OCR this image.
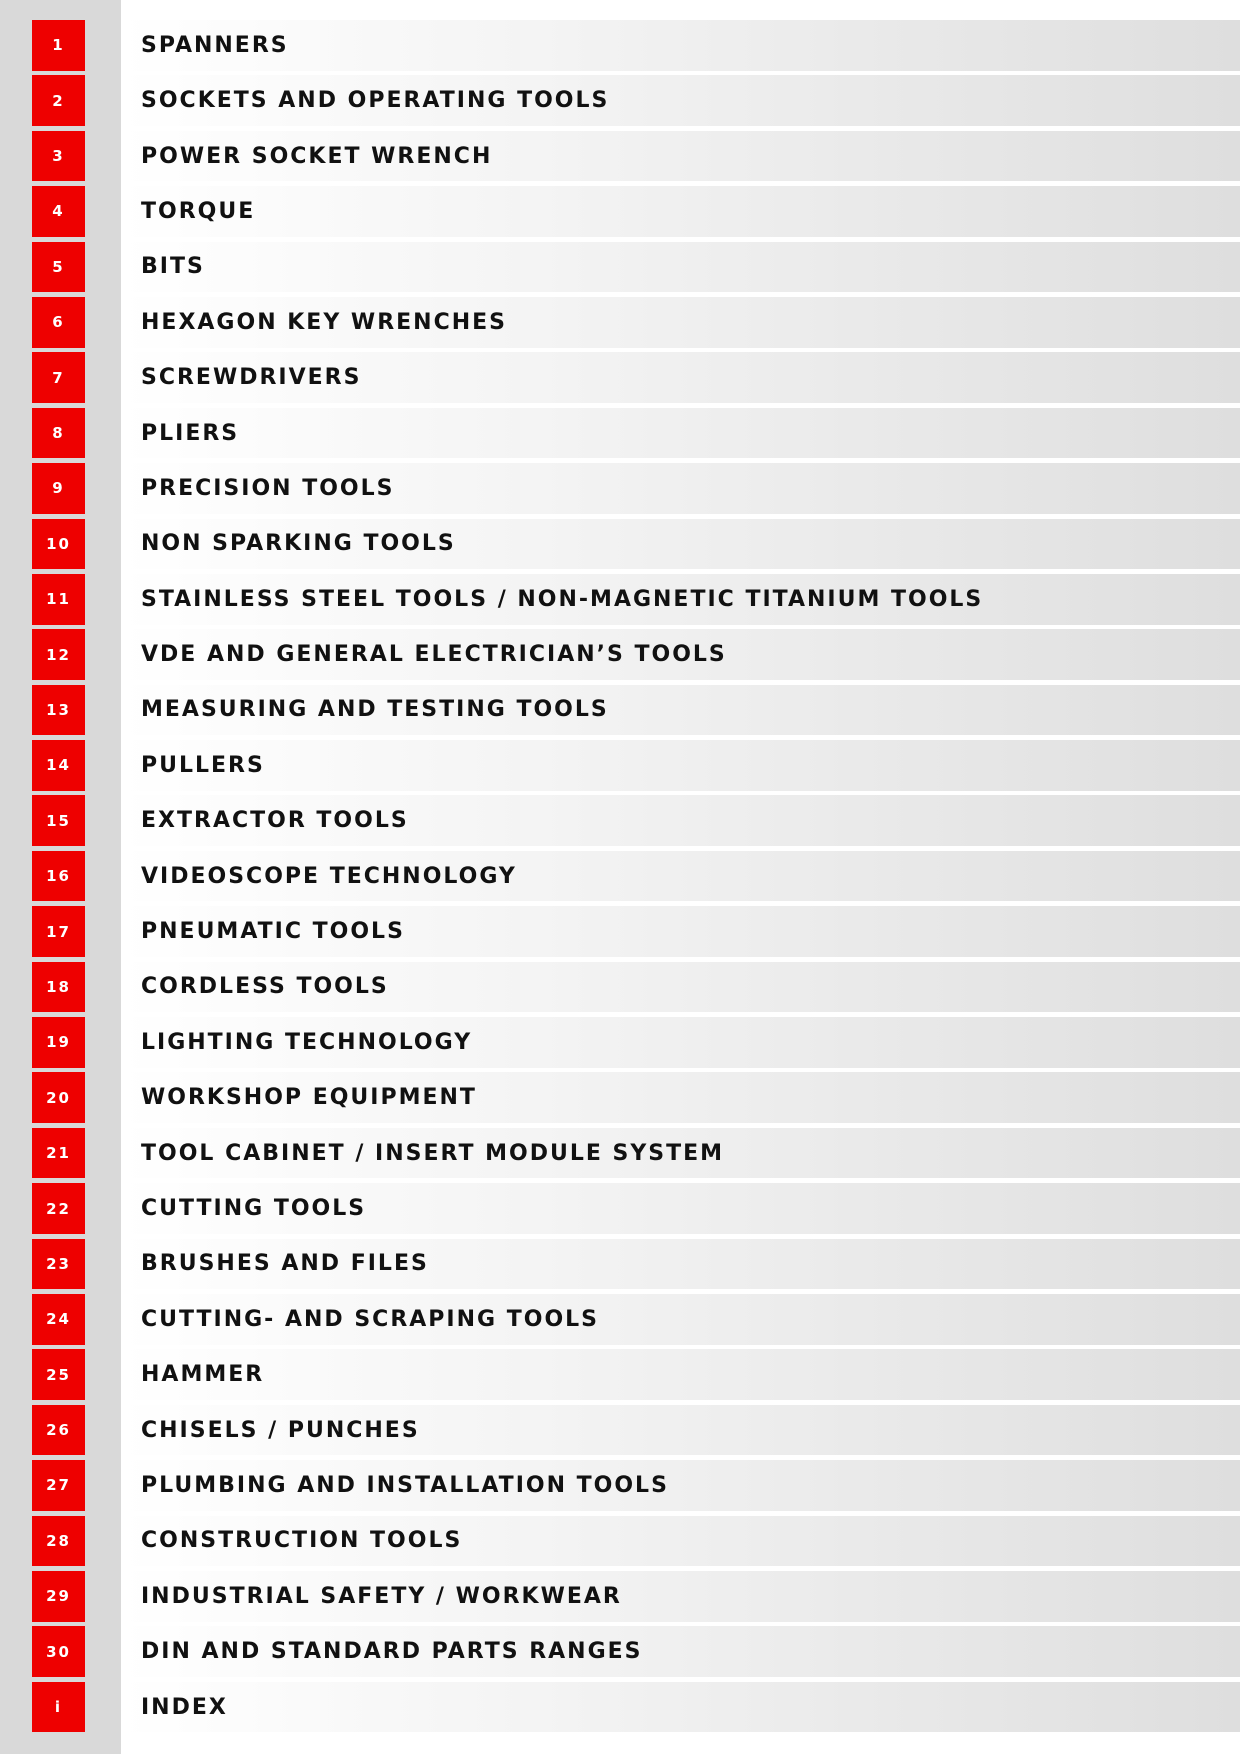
1	SPANNERS
2	SOCKETS AND OPERATING TOOLS
3	POWER SOCKET WRENCH
4	TORQUE
5	BITS
6	HEXAGON KEY WRENCHES
7	SCREWDRIVERS
8	PLIERS
9	PRECISION TOOLS
10	NON SPARKING TOOLS
11	STAINLESS STEEL TOOLS / NON-MAGNETIC TITANIUM TOOLS
12	VDE AND GENERAL ELECTRICIAN’S TOOLS
13	MEASURING AND TESTING TOOLS
14	PULLERS
15	EXTRACTOR TOOLS
16	VIDEOSCOPE TECHNOLOGY
17	PNEUMATIC TOOLS
18	CORDLESS TOOLS
19	LIGHTING TECHNOLOGY
20	WORKSHOP EQUIPMENT
21	TOOL CABINET / INSERT MODULE SYSTEM
22	CUTTING TOOLS
23	BRUSHES AND FILES
24	CUTTING- AND SCRAPING TOOLS
25	HAMMER
26	CHISELS / PUNCHES
27	PLUMBING AND INSTALLATION TOOLS
28	CONSTRUCTION TOOLS
29	INDUSTRIAL SAFETY / WORKWEAR
30	DIN AND STANDARD PARTS RANGES
i	INDEX
